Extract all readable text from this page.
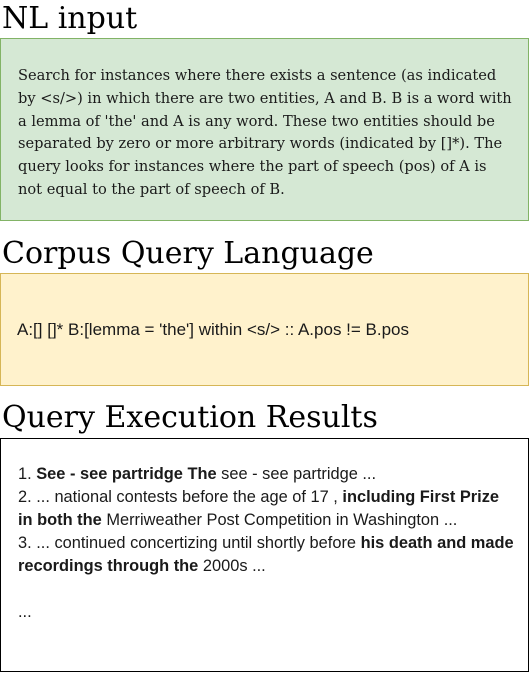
NL input
Search for instances where there exists a sentence (as indicated by <s/>) in which there are two entities, A and B. B is a word with a lemma of 'the' and A is any word. These two entities should be separated by zero or more arbitrary words (indicated by []*). The query looks for instances where the part of speech (pos) of A is not equal to the part of speech of B.
Corpus Query Language
A:[] []* B:[lemma = 'the'] within <s/> :: A.pos != B.pos
Query Execution Results

1. See - see partridge The see - see partridge ...

2. ... national contests before the age of 17 , including First Prize in both the Merriweather Post Competition in Washington ...

3. ... continued concertizing until shortly before his death and made recordings through the 2000s ...

...
